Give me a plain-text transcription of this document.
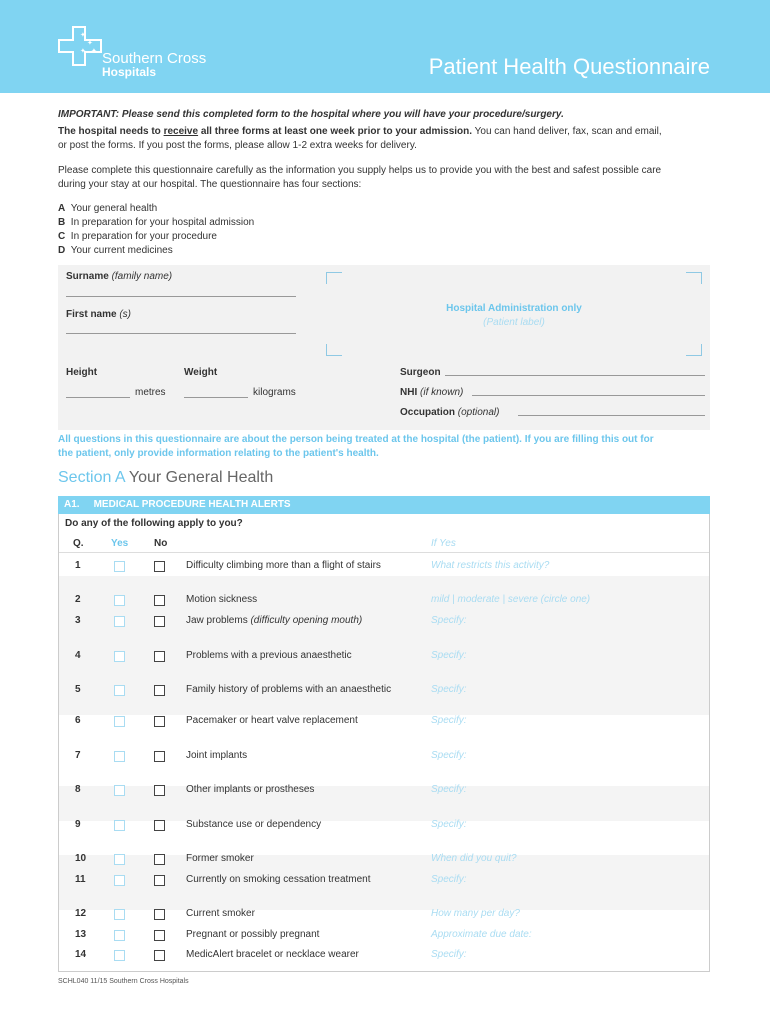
✦
✦
✦ ✦ Southern Cross
Hospitals	Patient Health Questionnaire
IMPORTANT: Please send this completed form to the hospital where you will have your procedure/surgery.
The hospital needs to receive all three forms at least one week prior to your admission. You can hand deliver, fax, scan and email,
or post the forms. If you post the forms, please allow 1-2 extra weeks for delivery.
Please complete this questionnaire carefully as the information you supply helps us to provide you with the best and safest possible care
during your stay at our hospital. The questionnaire has four sections:
A Your general health
B In preparation for your hospital admission
C In preparation for your procedure
D Your current medicines
Surname (family name)
First name (s)
Hospital Administration only
(Patient label)
Height
metres
Weight
kilograms
Surgeon
NHI (if known)
Occupation (optional)
All questions in this questionnaire are about the person being treated at the hospital (the patient). If you are filling this out for
the patient, only provide information relating to the patient's health.
Section A Your General Health
A1. MEDICAL PROCEDURE HEALTH ALERTS
Do any of the following apply to you?
Q.	Yes	No	If Yes
1	Difficulty climbing more than a flight of stairs	What restricts this activity?
2	Motion sickness	mild | moderate | severe (circle one)
3	Jaw problems (difficulty opening mouth)	Specify:
4	Problems with a previous anaesthetic	Specify:
5	Family history of problems with an anaesthetic	Specify:
6	Pacemaker or heart valve replacement	Specify:
7	Joint implants	Specify:
8	Other implants or prostheses	Specify:
9	Substance use or dependency	Specify:
10	Former smoker	When did you quit?
11	Currently on smoking cessation treatment	Specify:
12	Current smoker	How many per day?
13	Pregnant or possibly pregnant	Approximate due date:
14	MedicAlert bracelet or necklace wearer	Specify:
SCHL040 11/15 Southern Cross Hospitals
